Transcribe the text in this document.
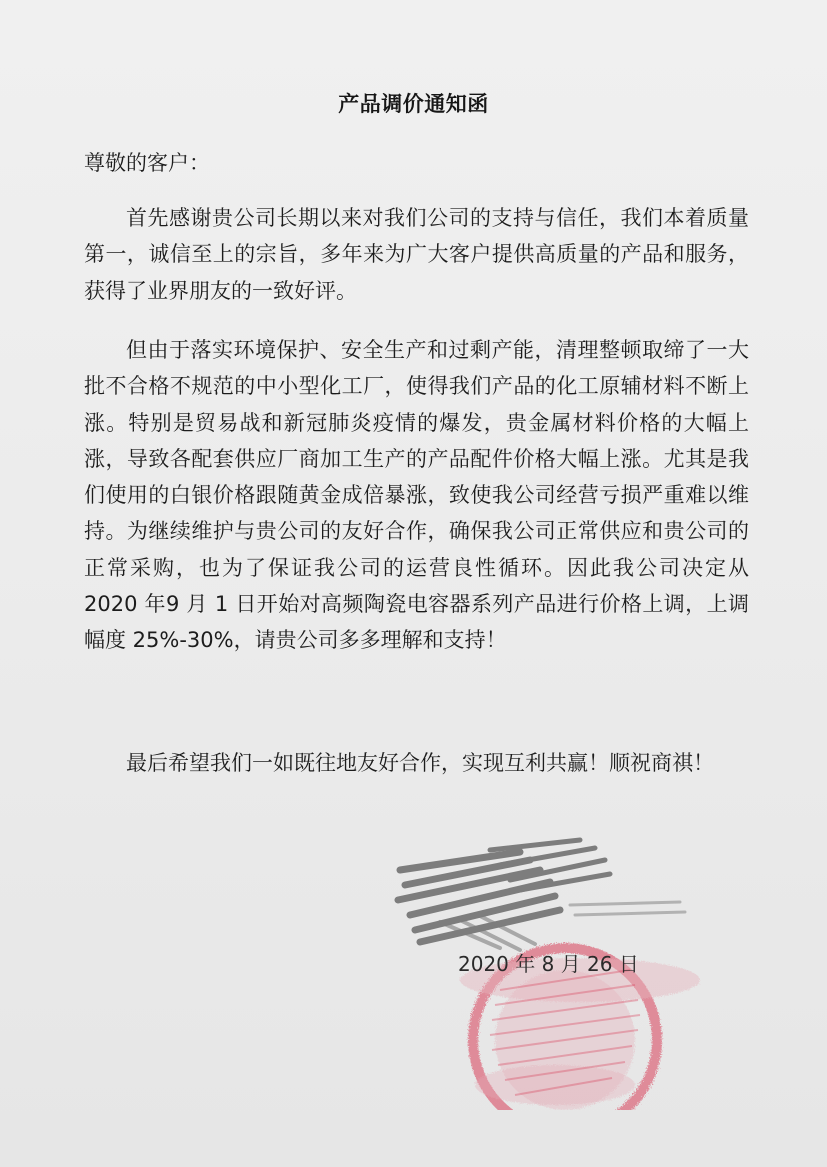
产品调价通知函
尊敬的客户：

首先感谢贵公司长期以来对我们公司的支持与信任，我们本着质量第一，诚信至上的宗旨，多年来为广大客户提供高质量的产品和服务，获得了业界朋友的一致好评。

但由于落实环境保护、安全生产和过剩产能，清理整顿取缔了一大批不合格不规范的中小型化工厂，使得我们产品的化工原辅材料不断上涨。特别是贸易战和新冠肺炎疫情的爆发，贵金属材料价格的大幅上涨，导致各配套供应厂商加工生产的产品配件价格大幅上涨。尤其是我们使用的白银价格跟随黄金成倍暴涨，致使我公司经营亏损严重难以维持。为继续维护与贵公司的友好合作，确保我公司正常供应和贵公司的正常采购，也为了保证我公司的运营良性循环。因此我公司决定从 2020 年9 月 1 日开始对高频陶瓷电容器系列产品进行价格上调，上调幅度 25%-30%，请贵公司多多理解和支持！

最后希望我们一如既往地友好合作，实现互利共赢！顺祝商祺！

2020 年 8 月 26 日
